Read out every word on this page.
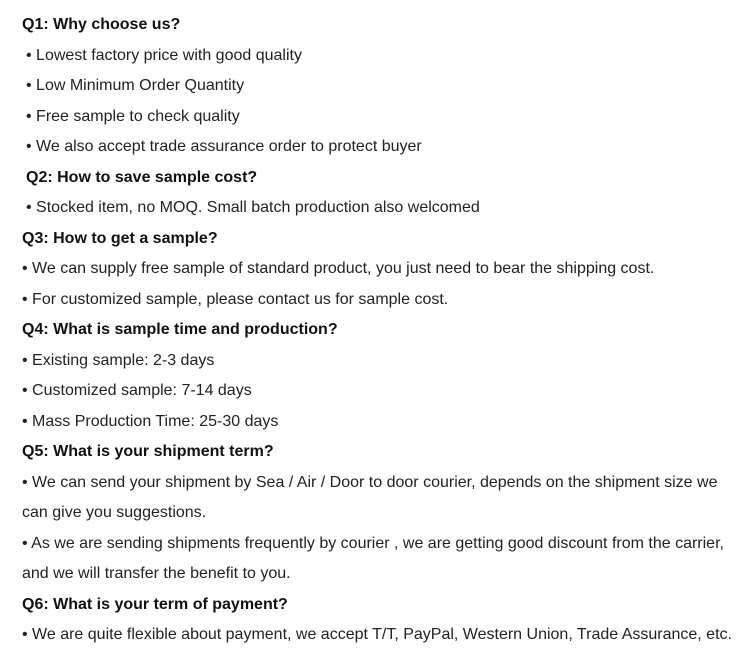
Q1: Why choose us?
• Lowest factory price with good quality
• Low Minimum Order Quantity
• Free sample to check quality
• We also accept trade assurance order to protect buyer
Q2: How to save sample cost?
• Stocked item, no MOQ. Small batch production also welcomed
Q3: How to get a sample?
• We can supply free sample of standard product, you just need to bear the shipping cost.
• For customized sample, please contact us for sample cost.
Q4: What is sample time and production?
• Existing sample: 2-3 days
• Customized sample: 7-14 days
• Mass Production Time: 25-30 days
Q5: What is your shipment term?
• We can send your shipment by Sea / Air / Door to door courier, depends on the shipment size we
can give you suggestions.
• As we are sending shipments frequently by courier , we are getting good discount from the carrier,
and we will transfer the benefit to you.
Q6: What is your term of payment?
• We are quite flexible about payment, we accept T/T, PayPal, Western Union, Trade Assurance, etc.
